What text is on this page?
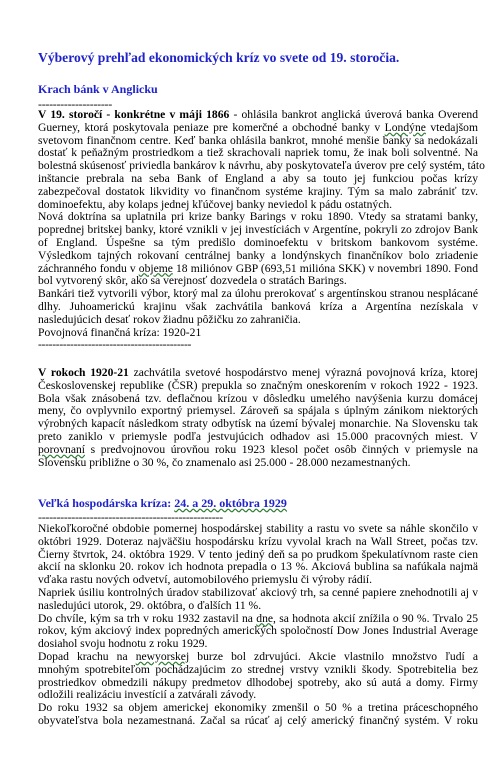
Výberový prehľad ekonomických kríz vo svete od 19. storočia.
Krach bánk v Anglicku
--------------------
V 19. storočí - konkrétne v máji 1866 - ohlásila bankrot anglická úverová banka Overend
Guerney, ktorá poskytovala peniaze pre komerčné a obchodné banky v Londýne vtedajšom
svetovom finančnom centre. Keď banka ohlásila bankrot, mnohé menšie banky sa nedokázali
dostať k peňažným prostriedkom a tiež skrachovali napriek tomu, že inak boli solventné. Na
bolestná skúsenosť priviedla bankárov k návrhu, aby poskytovateľa úverov pre celý systém, táto
inštancie prebrala na seba Bank of England a aby sa touto jej funkciou počas krízy
zabezpečoval dostatok likvidity vo finančnom systéme krajiny. Tým sa malo zabrániť tzv.
dominoefektu, aby kolaps jednej kľúčovej banky neviedol k pádu ostatných.
Nová doktrína sa uplatnila pri krize banky Barings v roku 1890. Vtedy sa stratami banky,
poprednej britskej banky, ktoré vznikli v jej investíciách v Argentíne, pokryli zo zdrojov Bank
of England. Úspešne sa tým predišlo dominoefektu v britskom bankovom systéme.
Výsledkom tajných rokovaní centrálnej banky a londýnskych finančníkov bolo zriadenie
záchranného fondu v objeme 18 miliónov GBP (693,51 milióna SKK) v novembri 1890. Fond
bol vytvorený skôr, ako sa verejnosť dozvedela o stratách Barings.
Bankári tiež vytvorili výbor, ktorý mal za úlohu prerokovať s argentínskou stranou nesplácané
dlhy. Juhoamerickú krajinu však zachvátila banková kríza a Argentína nezískala v
nasledujúcich desať rokov žiadnu pôžičku zo zahraničia.
Povojnová finančná kríza: 1920-21
-------------------------------------------
V rokoch 1920-21 zachvátila svetové hospodárstvo menej výrazná povojnová kríza, ktorej
Československej republike (ČSR) prepukla so značným oneskorením v rokoch 1922 - 1923.
Bola však znásobená tzv. deflačnou krízou v dôsledku umelého navýšenia kurzu domácej
meny, čo ovplyvnilo exportný priemysel. Zároveň sa spájala s úplným zánikom niektorých
výrobných kapacít následkom straty odbytísk na území bývalej monarchie. Na Slovensku tak
preto zaniklo v priemysle podľa jestvujúcich odhadov asi 15.000 pracovných miest. V
porovnaní s predvojnovou úrovňou roku 1923 klesol počet osôb činných v priemysle na
Slovensku približne o 30 %, čo znamenalo asi 25.000 - 28.000 nezamestnaných.
Veľká hospodárska kríza: 24. a 29. októbra 1929
--------------------------------------------------
Niekoľkoročné obdobie pomernej hospodárskej stability a rastu vo svete sa náhle skončilo v
októbri 1929. Doteraz najväčšiu hospodársku krízu vyvolal krach na Wall Street, počas tzv.
Čierny štvrtok, 24. októbra 1929. V tento jediný deň sa po prudkom špekulatívnom raste cien
akcií na sklonku 20. rokov ich hodnota prepadla o 13 %. Akciová bublina sa nafúkala najmä
vďaka rastu nových odvetví, automobilového priemyslu či výroby rádií.
Napriek úsiliu kontrolných úradov stabilizovať akciový trh, sa cenné papiere znehodnotili aj v
nasledujúci utorok, 29. októbra, o ďalších 11 %.
Do chvíle, kým sa trh v roku 1932 zastavil na dne, sa hodnota akcií znížila o 90 %. Trvalo 25
rokov, kým akciový index popredných amerických spoločností Dow Jones Industrial Average
dosiahol svoju hodnotu z roku 1929.
Dopad krachu na newyorskej burze bol zdrvujúci. Akcie vlastnilo množstvo ľudí a
mnohým spotrebiteľom pochádzajúcim zo strednej vrstvy vznikli škody. Spotrebitelia bez
prostriedkov obmedzili nákupy predmetov dlhodobej spotreby, ako sú autá a domy. Firmy
odložili realizáciu investícií a zatvárali závody.
Do roku 1932 sa objem americkej ekonomiky zmenšil o 50 % a tretina práceschopného
obyvateľstva bola nezamestnaná. Začal sa rúcať aj celý americký finančný systém. V roku
